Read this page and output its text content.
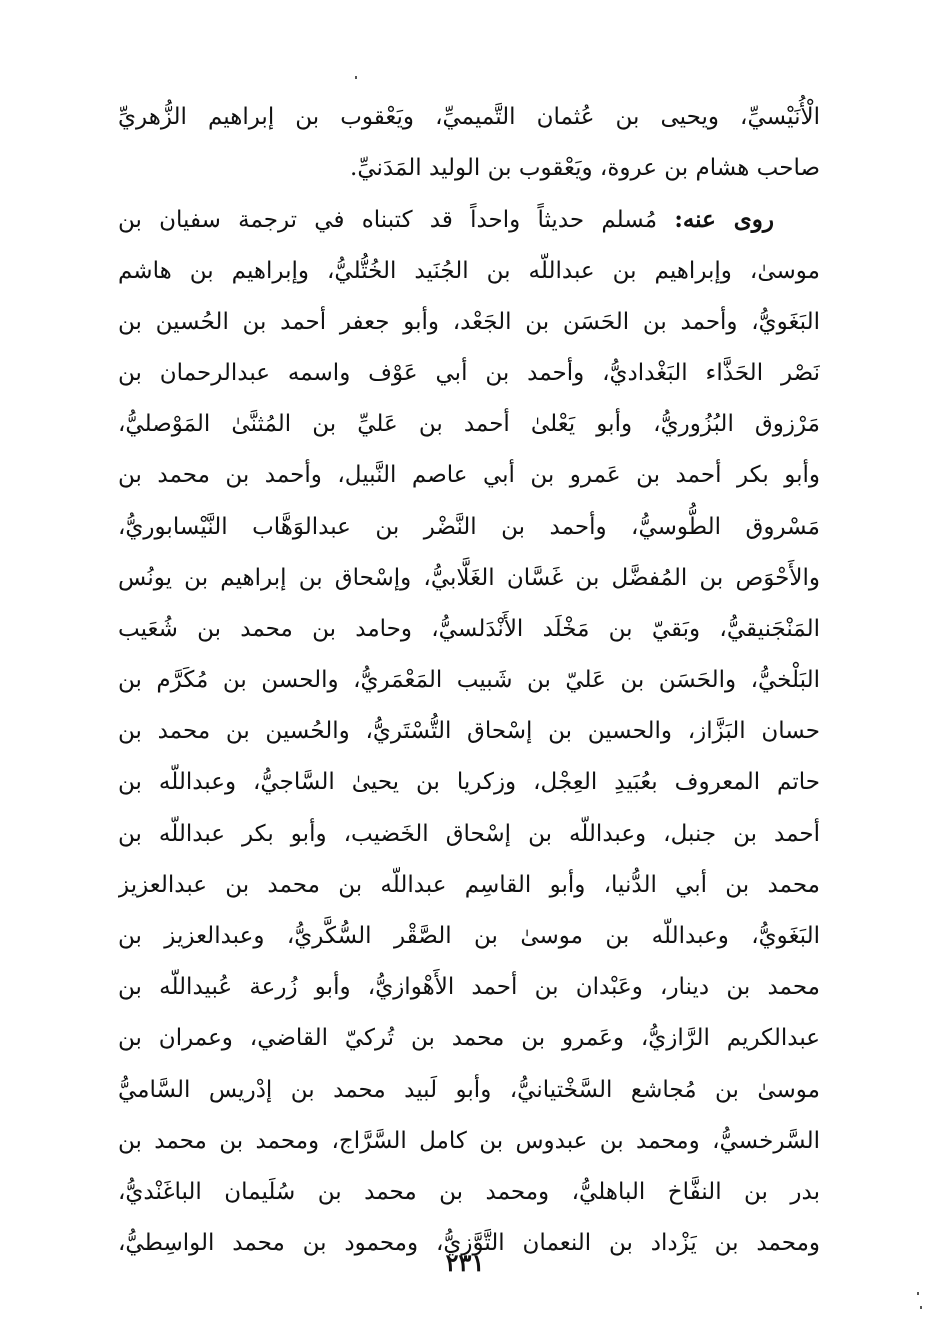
الْأُنَيْسيِّ، ويحيى بن عُثمان التَّميميِّ، ويَعْقوب بن إبراهيم الزُّهريِّ
صاحب هشام بن عروة، ويَعْقوب بن الوليد المَدَنيِّ.
روى عنه: مُسلم حديثاً واحداً قد كتبناه في ترجمة سفيان بن
موسىٰ، وإبراهيم بن عبداللّه بن الجُنَيد الخُتُّليُّ، وإبراهيم بن هاشم
البَغَويُّ، وأحمد بن الحَسَن بن الجَعْد، وأبو جعفر أحمد بن الحُسين بن
نَصْر الحَذَّاء البَغْداديُّ، وأحمد بن أبي عَوْف واسمه عبدالرحمان بن
مَرْزوق البُزُوريُّ، وأبو يَعْلىٰ أحمد بن عَليِّ بن المُثنَّىٰ المَوْصليُّ،
وأبو بكر أحمد بن عَمرو بن أبي عاصم النَّبيل، وأحمد بن محمد بن
مَسْروق الطُّوسيُّ، وأحمد بن النَّضْر بن عبدالوَهَّاب النَّيْسابوريُّ،
والأَحْوَص بن المُفضَّل بن غَسَّان الغَلَّابيُّ، وإسْحاق بن إبراهيم بن يونُس
المَنْجَنيقيُّ، وبَقيّ بن مَخْلَد الأَنْدَلسيُّ، وحامد بن محمد بن شُعَيب
البَلْخيُّ، والحَسَن بن عَليّ بن شَبيب المَعْمَريُّ، والحسن بن مُكَرَّم بن
حسان البَزَّاز، والحسين بن إسْحاق التُّسْتَريُّ، والحُسين بن محمد بن
حاتم المعروف بعُبَيدِ العِجْل، وزكريا بن يحيىٰ السَّاجيُّ، وعبداللّه بن
أحمد بن جنبل، وعبداللّه بن إسْحاق الخَضيب، وأبو بكر عبداللّه بن
محمد بن أبي الدُّنيا، وأبو القاسِم عبداللّه بن محمد بن عبدالعزيز
البَغَويُّ، وعبداللّه بن موسىٰ بن الصَّقْر السُّكَّريُّ، وعبدالعزيز بن
محمد بن دينار، وعَبْدان بن أحمد الأَهْوازيُّ، وأبو زُرعة عُبيداللّه بن
عبدالكريم الرَّازيُّ، وعَمرو بن محمد بن تُركيّ القاضي، وعمران بن
موسىٰ بن مُجاشع السَّخْتيانيُّ، وأبو لَبيد محمد بن إدْريس السَّاميُّ
السَّرخسيُّ، ومحمد بن عبدوس بن كامل السَّرَّاج، ومحمد بن محمد بن
بدر بن النفَّاخ الباهليُّ، ومحمد بن محمد بن سُلَيمان الباغَنْديُّ،
ومحمد بن يَزْداد بن النعمان التَّوَّزيُّ، ومحمود بن محمد الواسِطيُّ،
٢٣١
